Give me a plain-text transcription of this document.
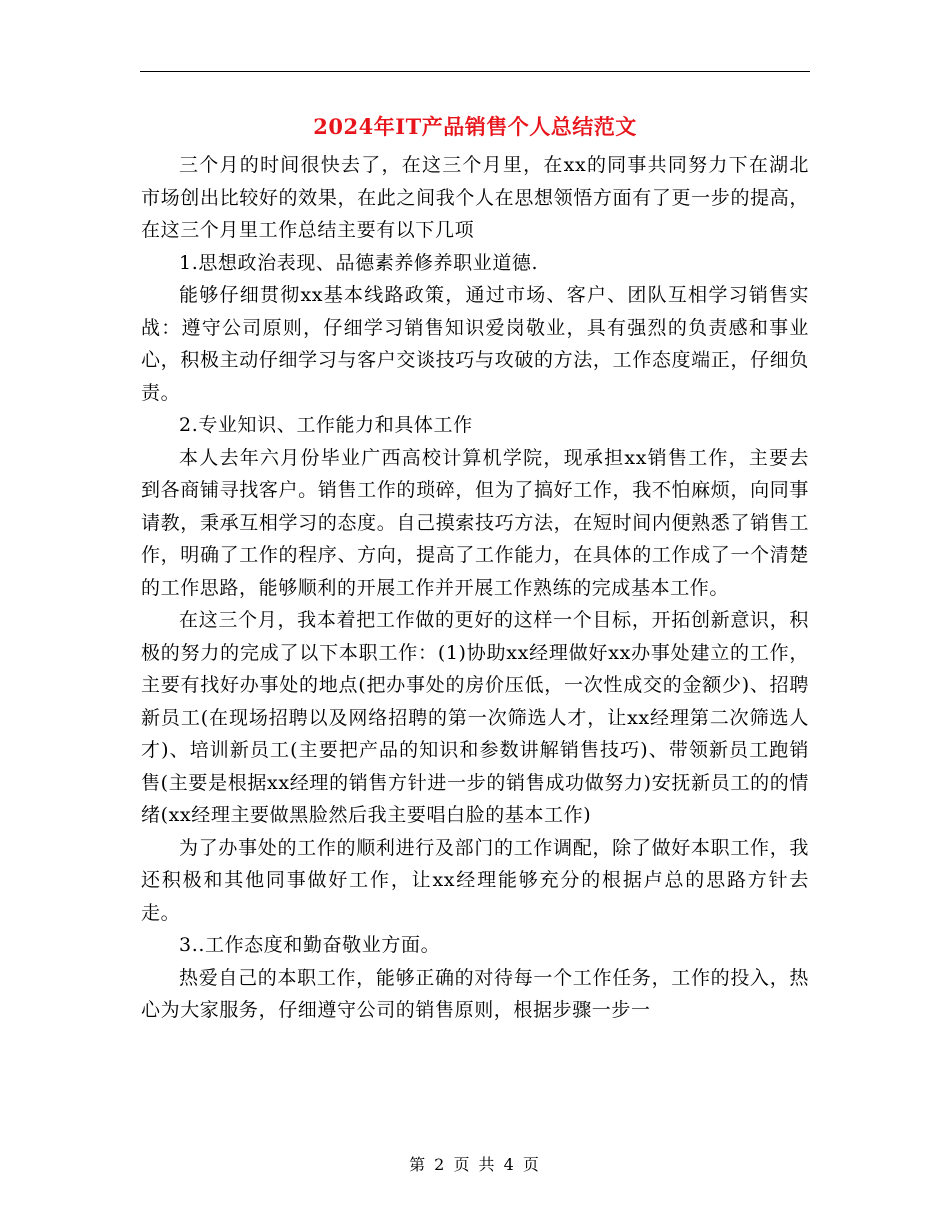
2024年IT产品销售个人总结范文

三个月的时间很快去了，在这三个月里，在xx的同事共同努力下在湖北市场创出比较好的效果，在此之间我个人在思想领悟方面有了更一步的提高，在这三个月里工作总结主要有以下几项

1.思想政治表现、品德素养修养职业道德.

能够仔细贯彻xx基本线路政策，通过市场、客户、团队互相学习销售实战：遵守公司原则，仔细学习销售知识爱岗敬业，具有强烈的负责感和事业心，积极主动仔细学习与客户交谈技巧与攻破的方法，工作态度端正，仔细负责。

2.专业知识、工作能力和具体工作

本人去年六月份毕业广西高校计算机学院，现承担xx销售工作，主要去到各商铺寻找客户。销售工作的琐碎，但为了搞好工作，我不怕麻烦，向同事请教，秉承互相学习的态度。自己摸索技巧方法，在短时间内便熟悉了销售工作，明确了工作的程序、方向，提高了工作能力，在具体的工作成了一个清楚的工作思路，能够顺利的开展工作并开展工作熟练的完成基本工作。

在这三个月，我本着把工作做的更好的这样一个目标，开拓创新意识，积极的努力的完成了以下本职工作：(1)协助xx经理做好xx办事处建立的工作，主要有找好办事处的地点(把办事处的房价压低，一次性成交的金额少)、招聘新员工(在现场招聘以及网络招聘的第一次筛选人才，让xx经理第二次筛选人才)、培训新员工(主要把产品的知识和参数讲解销售技巧)、带领新员工跑销售(主要是根据xx经理的销售方针进一步的销售成功做努力)安抚新员工的的情绪(xx经理主要做黑脸然后我主要唱白脸的基本工作)

为了办事处的工作的顺利进行及部门的工作调配，除了做好本职工作，我还积极和其他同事做好工作，让xx经理能够充分的根据卢总的思路方针去走。

3..工作态度和勤奋敬业方面。

热爱自己的本职工作，能够正确的对待每一个工作任务，工作的投入，热心为大家服务，仔细遵守公司的销售原则，根据步骤一步一

第 2 页 共 4 页
